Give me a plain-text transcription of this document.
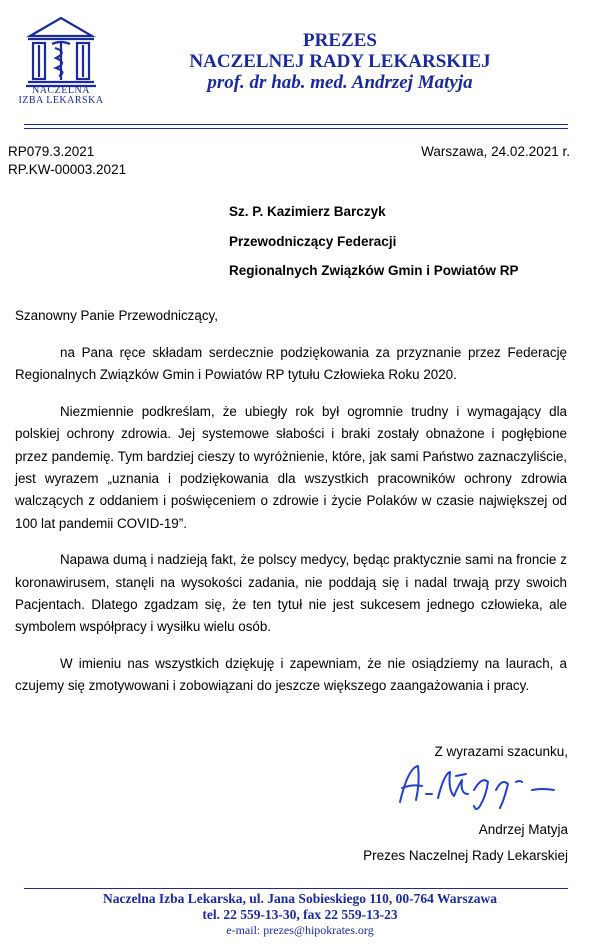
NACZELNA
IZBA LEKARSKA
PREZES
NACZELNEJ RADY LEKARSKIEJ
prof. dr hab. med. Andrzej Matyja
RP079.3.2021
RP.KW-00003.2021
Warszawa, 24.02.2021 r.
Sz. P. Kazimierz Barczyk
Przewodniczący Federacji
Regionalnych Związków Gmin i Powiatów RP
Szanowny Panie Przewodniczący,

na Pana ręce składam serdecznie podziękowania za przyznanie przez Federację Regionalnych Związków Gmin i Powiatów RP tytułu Człowieka Roku 2020.

Niezmiennie podkreślam, że ubiegły rok był ogromnie trudny i wymagający dla polskiej ochrony zdrowia. Jej systemowe słabości i braki zostały obnażone i pogłębione przez pandemię. Tym bardziej cieszy to wyróżnienie, które, jak sami Państwo zaznaczyliście, jest wyrazem „uznania i podziękowania dla wszystkich pracowników ochrony zdrowia walczących z oddaniem i poświęceniem o zdrowie i życie Polaków w czasie największej od 100 lat pandemii COVID-19”.

Napawa dumą i nadzieją fakt, że polscy medycy, będąc praktycznie sami na froncie z koronawirusem, stanęli na wysokości zadania, nie poddają się i nadal trwają przy swoich Pacjentach. Dlatego zgadzam się, że ten tytuł nie jest sukcesem jednego człowieka, ale symbolem współpracy i wysiłku wielu osób.

W imieniu nas wszystkich dziękuję i zapewniam, że nie osiądziemy na laurach, a czujemy się zmotywowani i zobowiązani do jeszcze większego zaangażowania i pracy.

Z wyrazami szacunku,
Andrzej Matyja
Prezes Naczelnej Rady Lekarskiej
Naczelna Izba Lekarska, ul. Jana Sobieskiego 110, 00-764 Warszawa
tel. 22 559-13-30, fax 22 559-13-23
e-mail: prezes@hipokrates.org
